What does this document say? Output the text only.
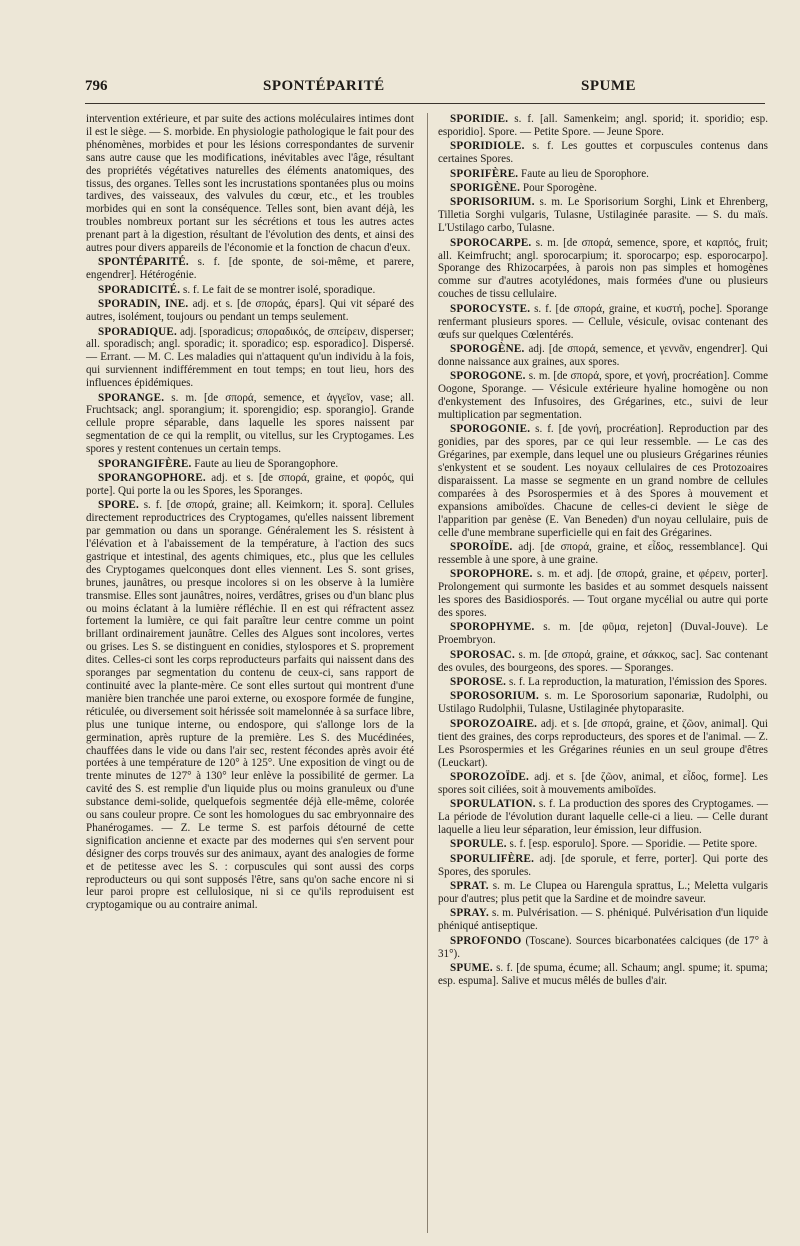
796	SPONTÉPARITÉ	SPUME

intervention extérieure, et par suite des actions moléculaires intimes dont il est le siège. — S. morbide. En physiologie pathologique le fait pour des phénomènes, morbides et pour les lésions correspondantes de survenir sans autre cause que les modifications, inévitables avec l'âge, résultant des propriétés végétatives naturelles des éléments anatomiques, des tissus, des organes. Telles sont les incrustations spontanées plus ou moins tardives, des vaisseaux, des valvules du cœur, etc., et les troubles morbides qui en sont la conséquence. Telles sont, bien avant déjà, les troubles nombreux portant sur les sécrétions et tous les autres actes prenant part à la digestion, résultant de l'évolution des dents, et ainsi des autres pour divers appareils de l'économie et la fonction de chacun d'eux.

SPONTÉPARITÉ. s. f. [de sponte, de soi-même, et parere, engendrer]. Hétérogénie.

SPORADICITÉ. s. f. Le fait de se montrer isolé, sporadique.

SPORADIN, INE. adj. et s. [de σποράς, épars]. Qui vit séparé des autres, isolément, toujours ou pendant un temps seulement.

SPORADIQUE. adj. [sporadicus; σποραδικός, de σπείρειν, disperser; all. sporadisch; angl. sporadic; it. sporadico; esp. esporadico]. Dispersé. — Errant. — M. C. Les maladies qui n'attaquent qu'un individu à la fois, qui surviennent indifféremment en tout temps; en tout lieu, hors des influences épidémiques.

SPORANGE. s. m. [de σπορά, semence, et ἀγγεῖον, vase; all. Fruchtsack; angl. sporangium; it. sporengidio; esp. sporangio]. Grande cellule propre séparable, dans laquelle les spores naissent par segmentation de ce qui la remplit, ou vitellus, sur les Cryptogames. Les spores y restent contenues un certain temps.

SPORANGIFÈRE. Faute au lieu de Sporangophore.

SPORANGOPHORE. adj. et s. [de σπορά, graine, et φορός, qui porte]. Qui porte la ou les Spores, les Sporanges.

SPORE. s. f. [de σπορά, graine; all. Keimkorn; it. spora]. Cellules directement reproductrices des Cryptogames, qu'elles naissent librement par gemmation ou dans un sporange. Généralement les S. résistent à l'élévation et à l'abaissement de la température, à l'action des sucs gastrique et intestinal, des agents chimiques, etc., plus que les cellules des Cryptogames quelconques dont elles viennent. Les S. sont grises, brunes, jaunâtres, ou presque incolores si on les observe à la lumière transmise. Elles sont jaunâtres, noires, verdâtres, grises ou d'un blanc plus ou moins éclatant à la lumière réfléchie. Il en est qui réfractent assez fortement la lumière, ce qui fait paraître leur centre comme un point brillant ordinairement jaunâtre. Celles des Algues sont incolores, vertes ou grises. Les S. se distinguent en conidies, stylospores et S. proprement dites. Celles-ci sont les corps reproducteurs parfaits qui naissent dans des sporanges par segmentation du contenu de ceux-ci, sans rapport de continuité avec la plante-mère. Ce sont elles surtout qui montrent d'une manière bien tranchée une paroi externe, ou exospore formée de fungine, réticulée, ou diversement soit hérissée soit mamelonnée à sa surface libre, plus une tunique interne, ou endospore, qui s'allonge lors de la germination, après rupture de la première. Les S. des Mucédinées, chauffées dans le vide ou dans l'air sec, restent fécondes après avoir été portées à une température de 120° à 125°. Une exposition de vingt ou de trente minutes de 127° à 130° leur enlève la possibilité de germer. La cavité des S. est remplie d'un liquide plus ou moins granuleux ou d'une substance demi-solide, quelquefois segmentée déjà elle-même, colorée ou sans couleur propre. Ce sont les homologues du sac embryonnaire des Phanérogames. — Z. Le terme S. est parfois détourné de cette signification ancienne et exacte par des modernes qui s'en servent pour désigner des corps trouvés sur des animaux, ayant des analogies de forme et de petitesse avec les S. : corpuscules qui sont aussi des corps reproducteurs ou qui sont supposés l'être, sans qu'on sache encore ni si leur paroi propre est cellulosique, ni si ce qu'ils reproduisent est cryptogamique ou au contraire animal.

SPORIDIE. s. f. [all. Samenkeim; angl. sporid; it. sporidio; esp. esporidio]. Spore. — Petite Spore. — Jeune Spore.

SPORIDIOLE. s. f. Les gouttes et corpuscules contenus dans certaines Spores.

SPORIFÈRE. Faute au lieu de Sporophore.

SPORIGÈNE. Pour Sporogène.

SPORISORIUM. s. m. Le Sporisorium Sorghi, Link et Ehrenberg, Tilletia Sorghi vulgaris, Tulasne, Ustilaginée parasite. — S. du maïs. L'Ustilago carbo, Tulasne.

SPOROCARPE. s. m. [de σπορά, semence, spore, et καρπός, fruit; all. Keimfrucht; angl. sporocarpium; it. sporocarpo; esp. esporocarpo]. Sporange des Rhizocarpées, à parois non pas simples et homogènes comme sur d'autres acotylédones, mais formées d'une ou plusieurs couches de tissu cellulaire.

SPOROCYSTE. s. f. [de σπορά, graine, et κυστή, poche]. Sporange renfermant plusieurs spores. — Cellule, vésicule, ovisac contenant des œufs sur quelques Cœlentérés.

SPOROGÈNE. adj. [de σπορά, semence, et γεννᾶν, engendrer]. Qui donne naissance aux graines, aux spores.

SPOROGONE. s. m. [de σπορά, spore, et γονή, procréation]. Comme Oogone, Sporange. — Vésicule extérieure hyaline homogène ou non d'enkystement des Infusoires, des Grégarines, etc., suivi de leur multiplication par segmentation.

SPOROGONIE. s. f. [de γονή, procréation]. Reproduction par des gonidies, par des spores, par ce qui leur ressemble. — Le cas des Grégarines, par exemple, dans lequel une ou plusieurs Grégarines réunies s'enkystent et se soudent. Les noyaux cellulaires de ces Protozoaires disparaissent. La masse se segmente en un grand nombre de cellules comparées à des Psorospermies et à des Spores à mouvement et expansions amiboïdes. Chacune de celles-ci devient le siège de l'apparition par genèse (E. Van Beneden) d'un noyau cellulaire, puis de celle d'une membrane superficielle qui en fait des Grégarines.

SPOROÏDE. adj. [de σπορά, graine, et εἶδος, ressemblance]. Qui ressemble à une spore, à une graine.

SPOROPHORE. s. m. et adj. [de σπορά, graine, et φέρειν, porter]. Prolongement qui surmonte les basides et au sommet desquels naissent les spores des Basidiosporés. — Tout organe mycélial ou autre qui porte des spores.

SPOROPHYME. s. m. [de φῦμα, rejeton] (Duval-Jouve). Le Proembryon.

SPOROSAC. s. m. [de σπορά, graine, et σάκκος, sac]. Sac contenant des ovules, des bourgeons, des spores. — Sporanges.

SPOROSE. s. f. La reproduction, la maturation, l'émission des Spores.

SPOROSORIUM. s. m. Le Sporosorium saponariæ, Rudolphi, ou Ustilago Rudolphii, Tulasne, Ustilaginée phytoparasite.

SPOROZOAIRE. adj. et s. [de σπορά, graine, et ζῶον, animal]. Qui tient des graines, des corps reproducteurs, des spores et de l'animal. — Z. Les Psorospermies et les Grégarines réunies en un seul groupe d'êtres (Leuckart).

SPOROZOÏDE. adj. et s. [de ζῶον, animal, et εἶδος, forme]. Les spores soit ciliées, soit à mouvements amiboïdes.

SPORULATION. s. f. La production des spores des Cryptogames. — La période de l'évolution durant laquelle celle-ci a lieu. — Celle durant laquelle a lieu leur séparation, leur émission, leur diffusion.

SPORULE. s. f. [esp. esporulo]. Spore. — Sporidie. — Petite spore.

SPORULIFÈRE. adj. [de sporule, et ferre, porter]. Qui porte des Spores, des sporules.

SPRAT. s. m. Le Clupea ou Harengula sprattus, L.; Meletta vulgaris pour d'autres; plus petit que la Sardine et de moindre saveur.

SPRAY. s. m. Pulvérisation. — S. phéniqué. Pulvérisation d'un liquide phéniqué antiseptique.

SPROFONDO (Toscane). Sources bicarbonatées calciques (de 17° à 31°).

SPUME. s. f. [de spuma, écume; all. Schaum; angl. spume; it. spuma; esp. espuma]. Salive et mucus mêlés de bulles d'air.
